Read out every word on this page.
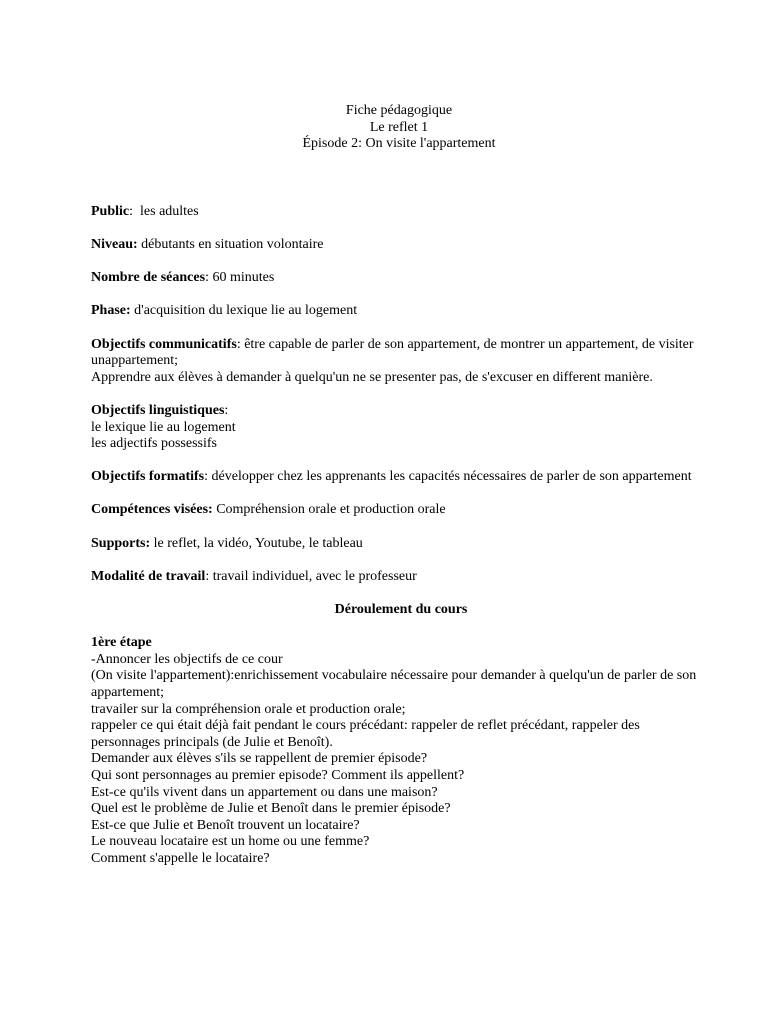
Fiche pédagogique
Le reflet 1
Épisode 2: On visite l'appartement
Public:  les adultes
Niveau: débutants en situation volontaire
Nombre de séances: 60 minutes
Phase: d'acquisition du lexique lie au logement
Objectifs communicatifs: être capable de parler de son appartement, de montrer un appartement, de visiter unappartement;
Apprendre aux élèves à demander à quelqu'un ne se presenter pas, de s'excuser en different manière.
Objectifs linguistiques:
le lexique lie au logement
les adjectifs possessifs
Objectifs formatifs: développer chez les apprenants les capacités nécessaires de parler de son appartement
Compétences visées: Compréhension orale et production orale
Supports: le reflet, la vidéo, Youtube, le tableau
Modalité de travail: travail individuel, avec le professeur
Déroulement du cours
1ère étape
-Annoncer les objectifs de ce cour
(On visite l'appartement):enrichissement vocabulaire nécessaire pour demander à quelqu'un de parler de son appartement;
travailer sur la compréhension orale et production orale;
rappeler ce qui était déjà fait pendant le cours précédant: rappeler de reflet précédant, rappeler des personnages principals (de Julie et Benoît).
Demander aux élèves s'ils se rappellent de premier épisode?
Qui sont personnages au premier episode? Comment ils appellent?
Est-ce qu'ils vivent dans un appartement ou dans une maison?
Quel est le problème de Julie et Benoît dans le premier épisode?
Est-ce que Julie et Benoît trouvent un locataire?
Le nouveau locataire est un home ou une femme?
Comment s'appelle le locataire?
